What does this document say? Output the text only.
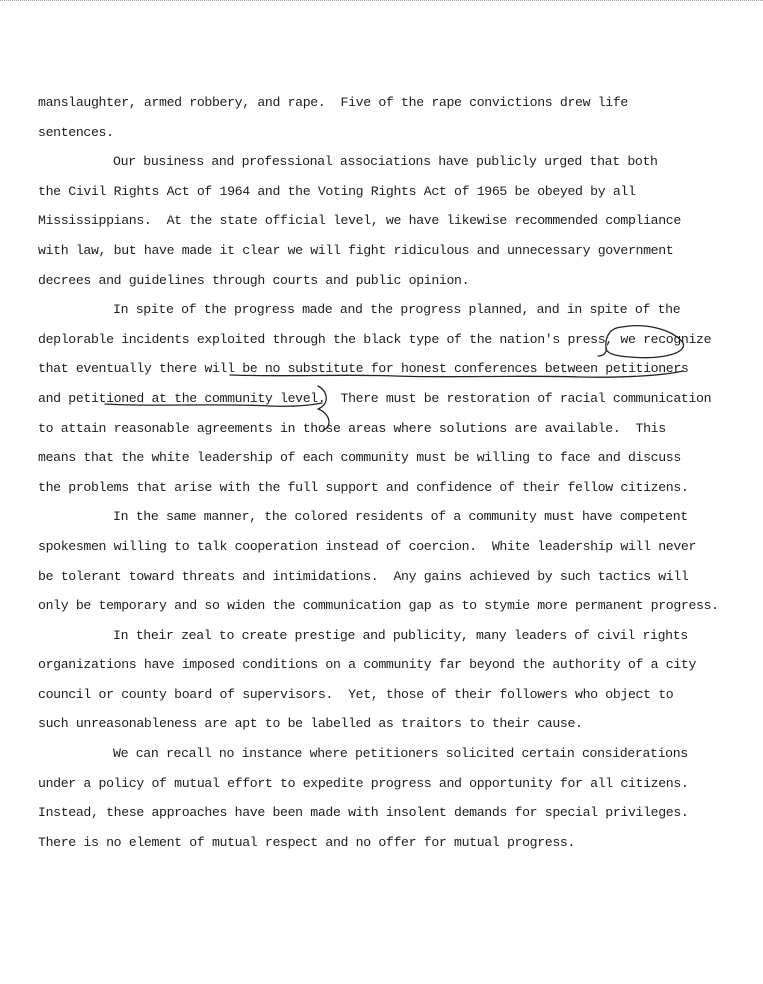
manslaughter, armed robbery, and rape.  Five of the rape convictions drew life
sentences.
Our business and professional associations have publicly urged that both
the Civil Rights Act of 1964 and the Voting Rights Act of 1965 be obeyed by all
Mississippians.  At the state official level, we have likewise recommended compliance
with law, but have made it clear we will fight ridiculous and unnecessary government
decrees and guidelines through courts and public opinion.
In spite of the progress made and the progress planned, and in spite of the
deplorable incidents exploited through the black type of the nation's press, we recognize
that eventually there will be no substitute for honest conferences between petitioners
and petitioned at the community level.  There must be restoration of racial communication
to attain reasonable agreements in those areas where solutions are available.  This
means that the white leadership of each community must be willing to face and discuss
the problems that arise with the full support and confidence of their fellow citizens.
In the same manner, the colored residents of a community must have competent
spokesmen willing to talk cooperation instead of coercion.  White leadership will never
be tolerant toward threats and intimidations.  Any gains achieved by such tactics will
only be temporary and so widen the communication gap as to stymie more permanent progress.
In their zeal to create prestige and publicity, many leaders of civil rights
organizations have imposed conditions on a community far beyond the authority of a city
council or county board of supervisors.  Yet, those of their followers who object to
such unreasonableness are apt to be labelled as traitors to their cause.
We can recall no instance where petitioners solicited certain considerations
under a policy of mutual effort to expedite progress and opportunity for all citizens.
Instead, these approaches have been made with insolent demands for special privileges.
There is no element of mutual respect and no offer for mutual progress.
